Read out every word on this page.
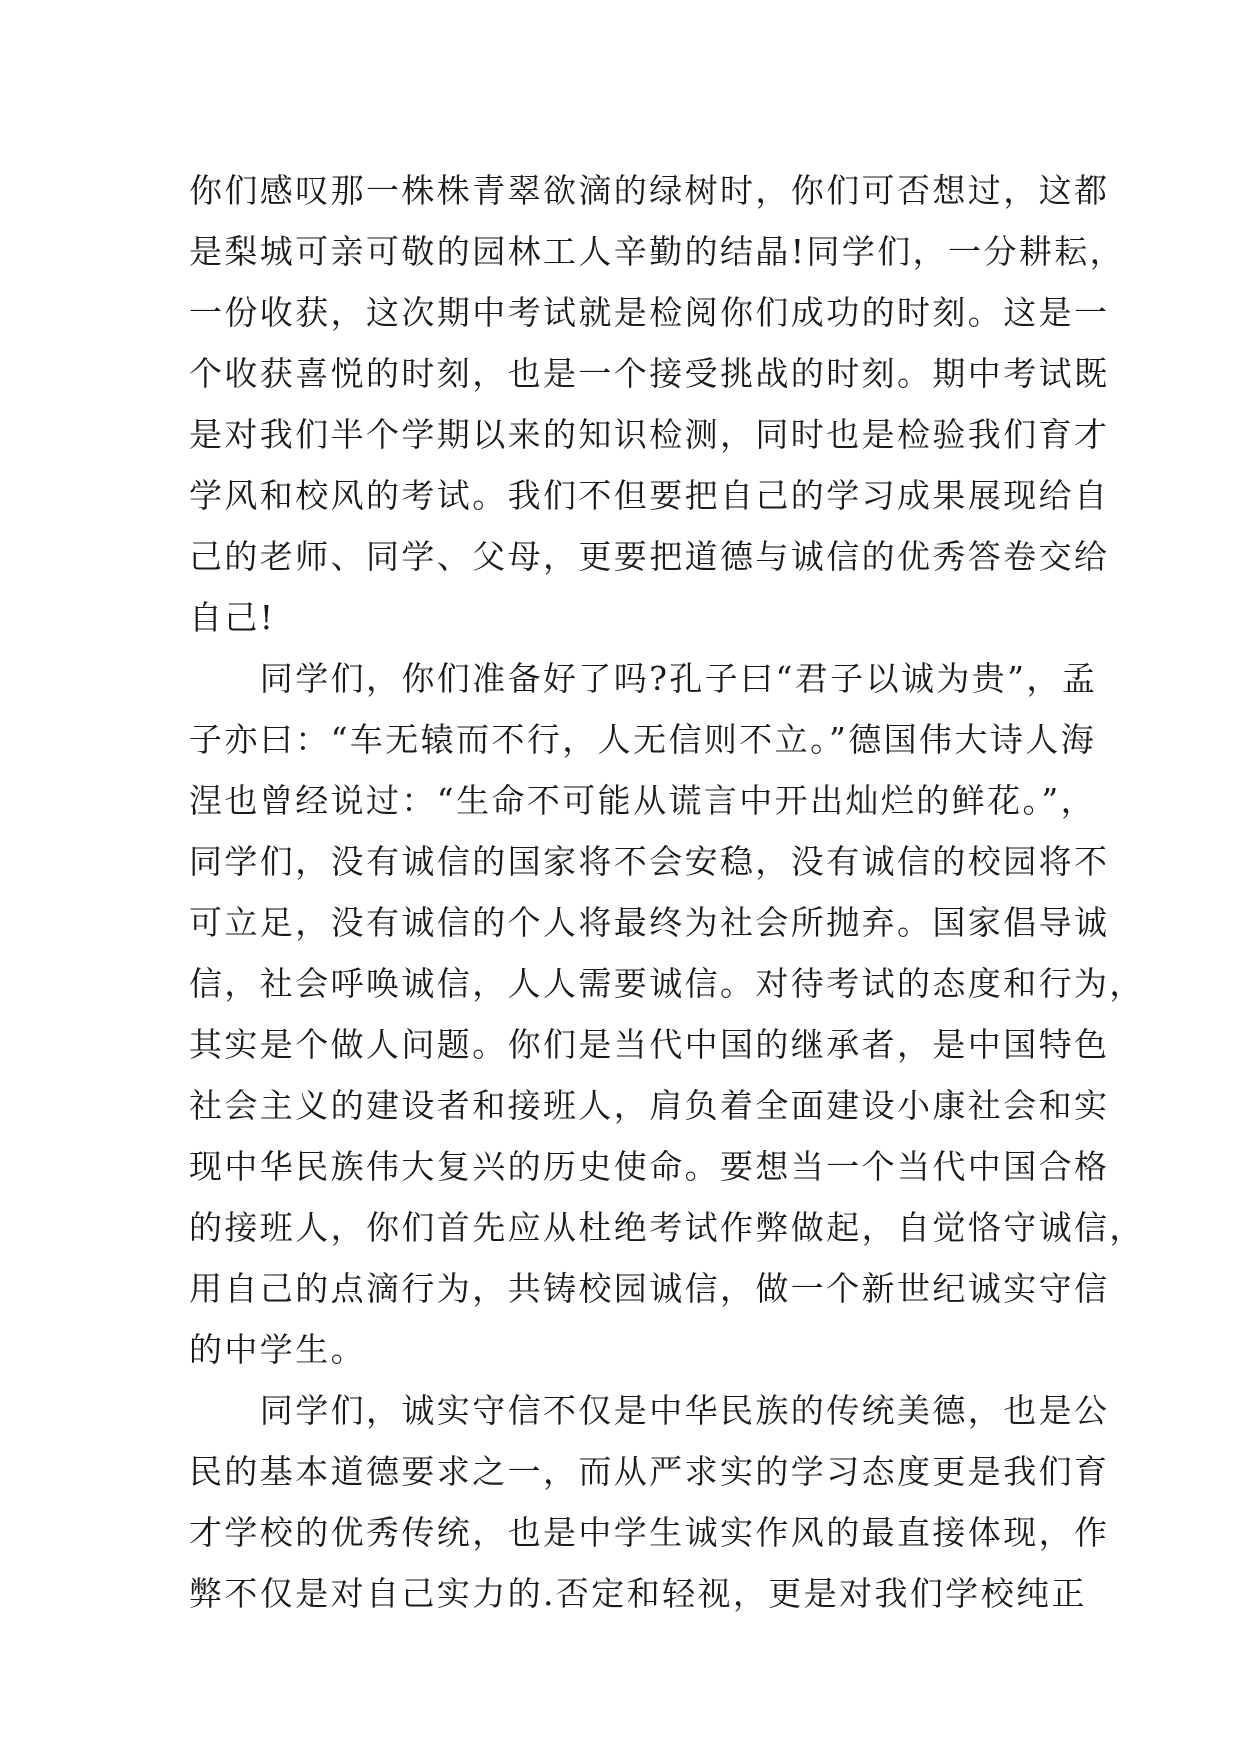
你们感叹那一株株青翠欲滴的绿树时，你们可否想过，这都
是梨城可亲可敬的园林工人辛勤的结晶!同学们，一分耕耘，
一份收获，这次期中考试就是检阅你们成功的时刻。这是一
个收获喜悦的时刻，也是一个接受挑战的时刻。期中考试既
是对我们半个学期以来的知识检测，同时也是检验我们育才
学风和校风的考试。我们不但要把自己的学习成果展现给自
己的老师、同学、父母，更要把道德与诚信的优秀答卷交给
自己!
　　同学们，你们准备好了吗?孔子曰“君子以诚为贵”，孟
子亦曰：“车无辕而不行，人无信则不立。”德国伟大诗人海
涅也曾经说过：“生命不可能从谎言中开出灿烂的鲜花。”，
同学们，没有诚信的国家将不会安稳，没有诚信的校园将不
可立足，没有诚信的个人将最终为社会所抛弃。国家倡导诚
信，社会呼唤诚信，人人需要诚信。对待考试的态度和行为，
其实是个做人问题。你们是当代中国的继承者，是中国特色
社会主义的建设者和接班人，肩负着全面建设小康社会和实
现中华民族伟大复兴的历史使命。要想当一个当代中国合格
的接班人，你们首先应从杜绝考试作弊做起，自觉恪守诚信，
用自己的点滴行为，共铸校园诚信，做一个新世纪诚实守信
的中学生。
　　同学们，诚实守信不仅是中华民族的传统美德，也是公
民的基本道德要求之一，而从严求实的学习态度更是我们育
才学校的优秀传统，也是中学生诚实作风的最直接体现，作
弊不仅是对自己实力的.否定和轻视，更是对我们学校纯正
